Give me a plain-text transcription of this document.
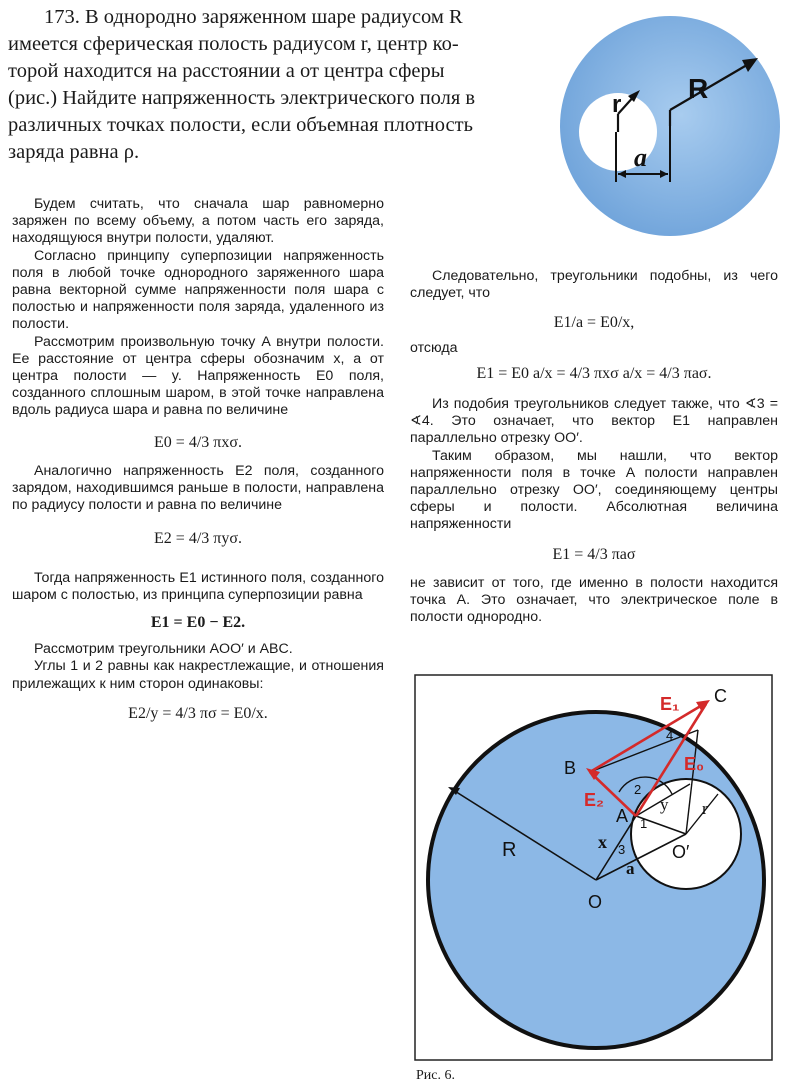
173. В однородно заряженном шаре радиусом R
имеется сферическая полость радиусом r, центр ко-
торой находится на расстоянии a от центра сферы
(рис.) Найдите напряженность электрического поля в
различных точках полости, если объемная плотность
заряда равна ρ.
r
R
a

Будем считать, что сначала шар равномерно заряжен по всему объему, а потом часть его заряда, находящуюся внутри полости, удаляют.

Согласно принципу суперпозиции напряженность поля в любой точке однородного заряженного шара равна векторной сумме напряженности поля шара с полостью и напряженности поля заряда, удаленного из полости.

Рассмотрим произвольную точку A внутри полости. Ее расстояние от центра сферы обозначим x, а от центра полости — y. Напряженность E0 поля, созданного сплошным шаром, в этой точке направлена вдоль радиуса шара и равна по величине

E0 = 4/3 πxσ.

Аналогично напряженность E2 поля, созданного зарядом, находившимся раньше в полости, направлена по радиусу полости и равна по величине

E2 = 4/3 πyσ.

Тогда напряженность E1 истинного поля, созданного шаром с полостью, из принципа суперпозиции равна

E1 = E0 − E2.

Рассмотрим треугольники AOO′ и ABC.

Углы 1 и 2 равны как накрестлежащие, и отношения прилежащих к ним сторон одинаковы:

E2/y = 4/3 πσ = E0/x.

Следовательно, треугольники подобны, из чего следует, что

E1/a = E0/x,

отсюда

E1 = E0 a/x = 4/3 πxσ a/x = 4/3 πaσ.

Из подобия треугольников следует также, что ∢3 = ∢4. Это означает, что вектор E1 направлен параллельно отрезку OO′.

Таким образом, мы нашли, что вектор напряженности поля в точке A полости направлен параллельно отрезку OO′, соединяющему центры сферы и полости. Абсолютная величина напряженности

E1 = 4/3 πaσ

не зависит от того, где именно в полости находится точка A. Это означает, что электрическое поле в полости однородно.

R
C
B
E₁
E₀
E₂
A
O
O′
x
y r
a
1
2
3
4
Рис. 6.
